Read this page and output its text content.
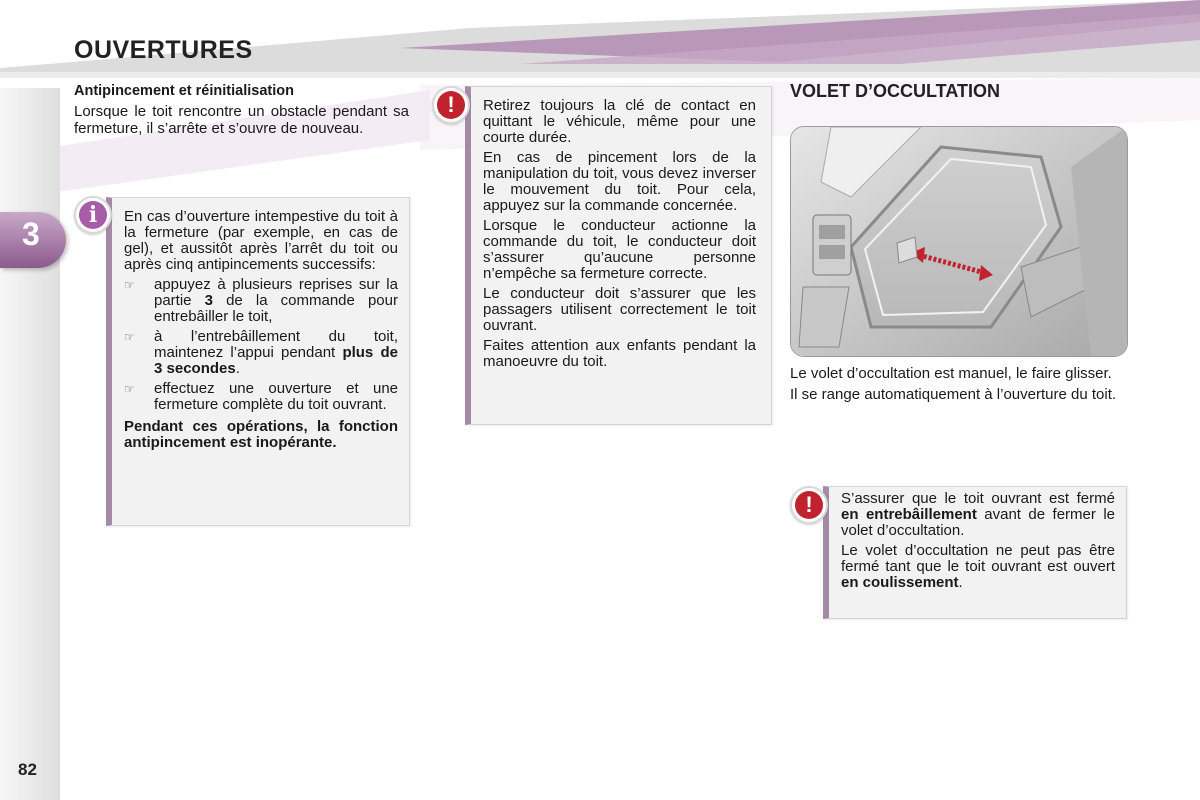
3
OUVERTURES
Antipincement et réinitialisation
Lorsque le toit rencontre un obstacle pendant sa fermeture, il s’arrête et s’ouvre de nouveau.
i	En cas d’ouverture intempestive du toit à la fermeture (par exemple, en cas de gel), et aussitôt après l’arrêt du toit ou après cinq antipincements successifs:

☞ appuyez à plusieurs reprises sur la partie 3 de la commande pour entrebâiller le toit,
☞ à l’entrebâillement du toit, maintenez l’appui pendant plus de 3 secondes.
☞ effectuez une ouverture et une fermeture complète du toit ouvrant.

Pendant ces opérations, la fonction antipincement est inopérante.

!	Retirez toujours la clé de contact en quittant le véhicule, même pour une courte durée.

En cas de pincement lors de la manipulation du toit, vous devez inverser le mouvement du toit. Pour cela, appuyez sur la commande concernée.

Lorsque le conducteur actionne la commande du toit, le conducteur doit s’assurer qu’aucune personne n’empêche sa fermeture correcte.

Le conducteur doit s’assurer que les passagers utilisent correctement le toit ouvrant.

Faites attention aux enfants pendant la manoeuvre du toit.

VOLET D’OCCULTATION

Le volet d’occultation est manuel, le faire glisser.

Il se range automatiquement à l’ouverture du toit.

!	S’assurer que le toit ouvrant est fermé en entrebâillement avant de fermer le volet d’occultation.

Le volet d’occultation ne peut pas être fermé tant que le toit ouvrant est ouvert en coulissement.

82
